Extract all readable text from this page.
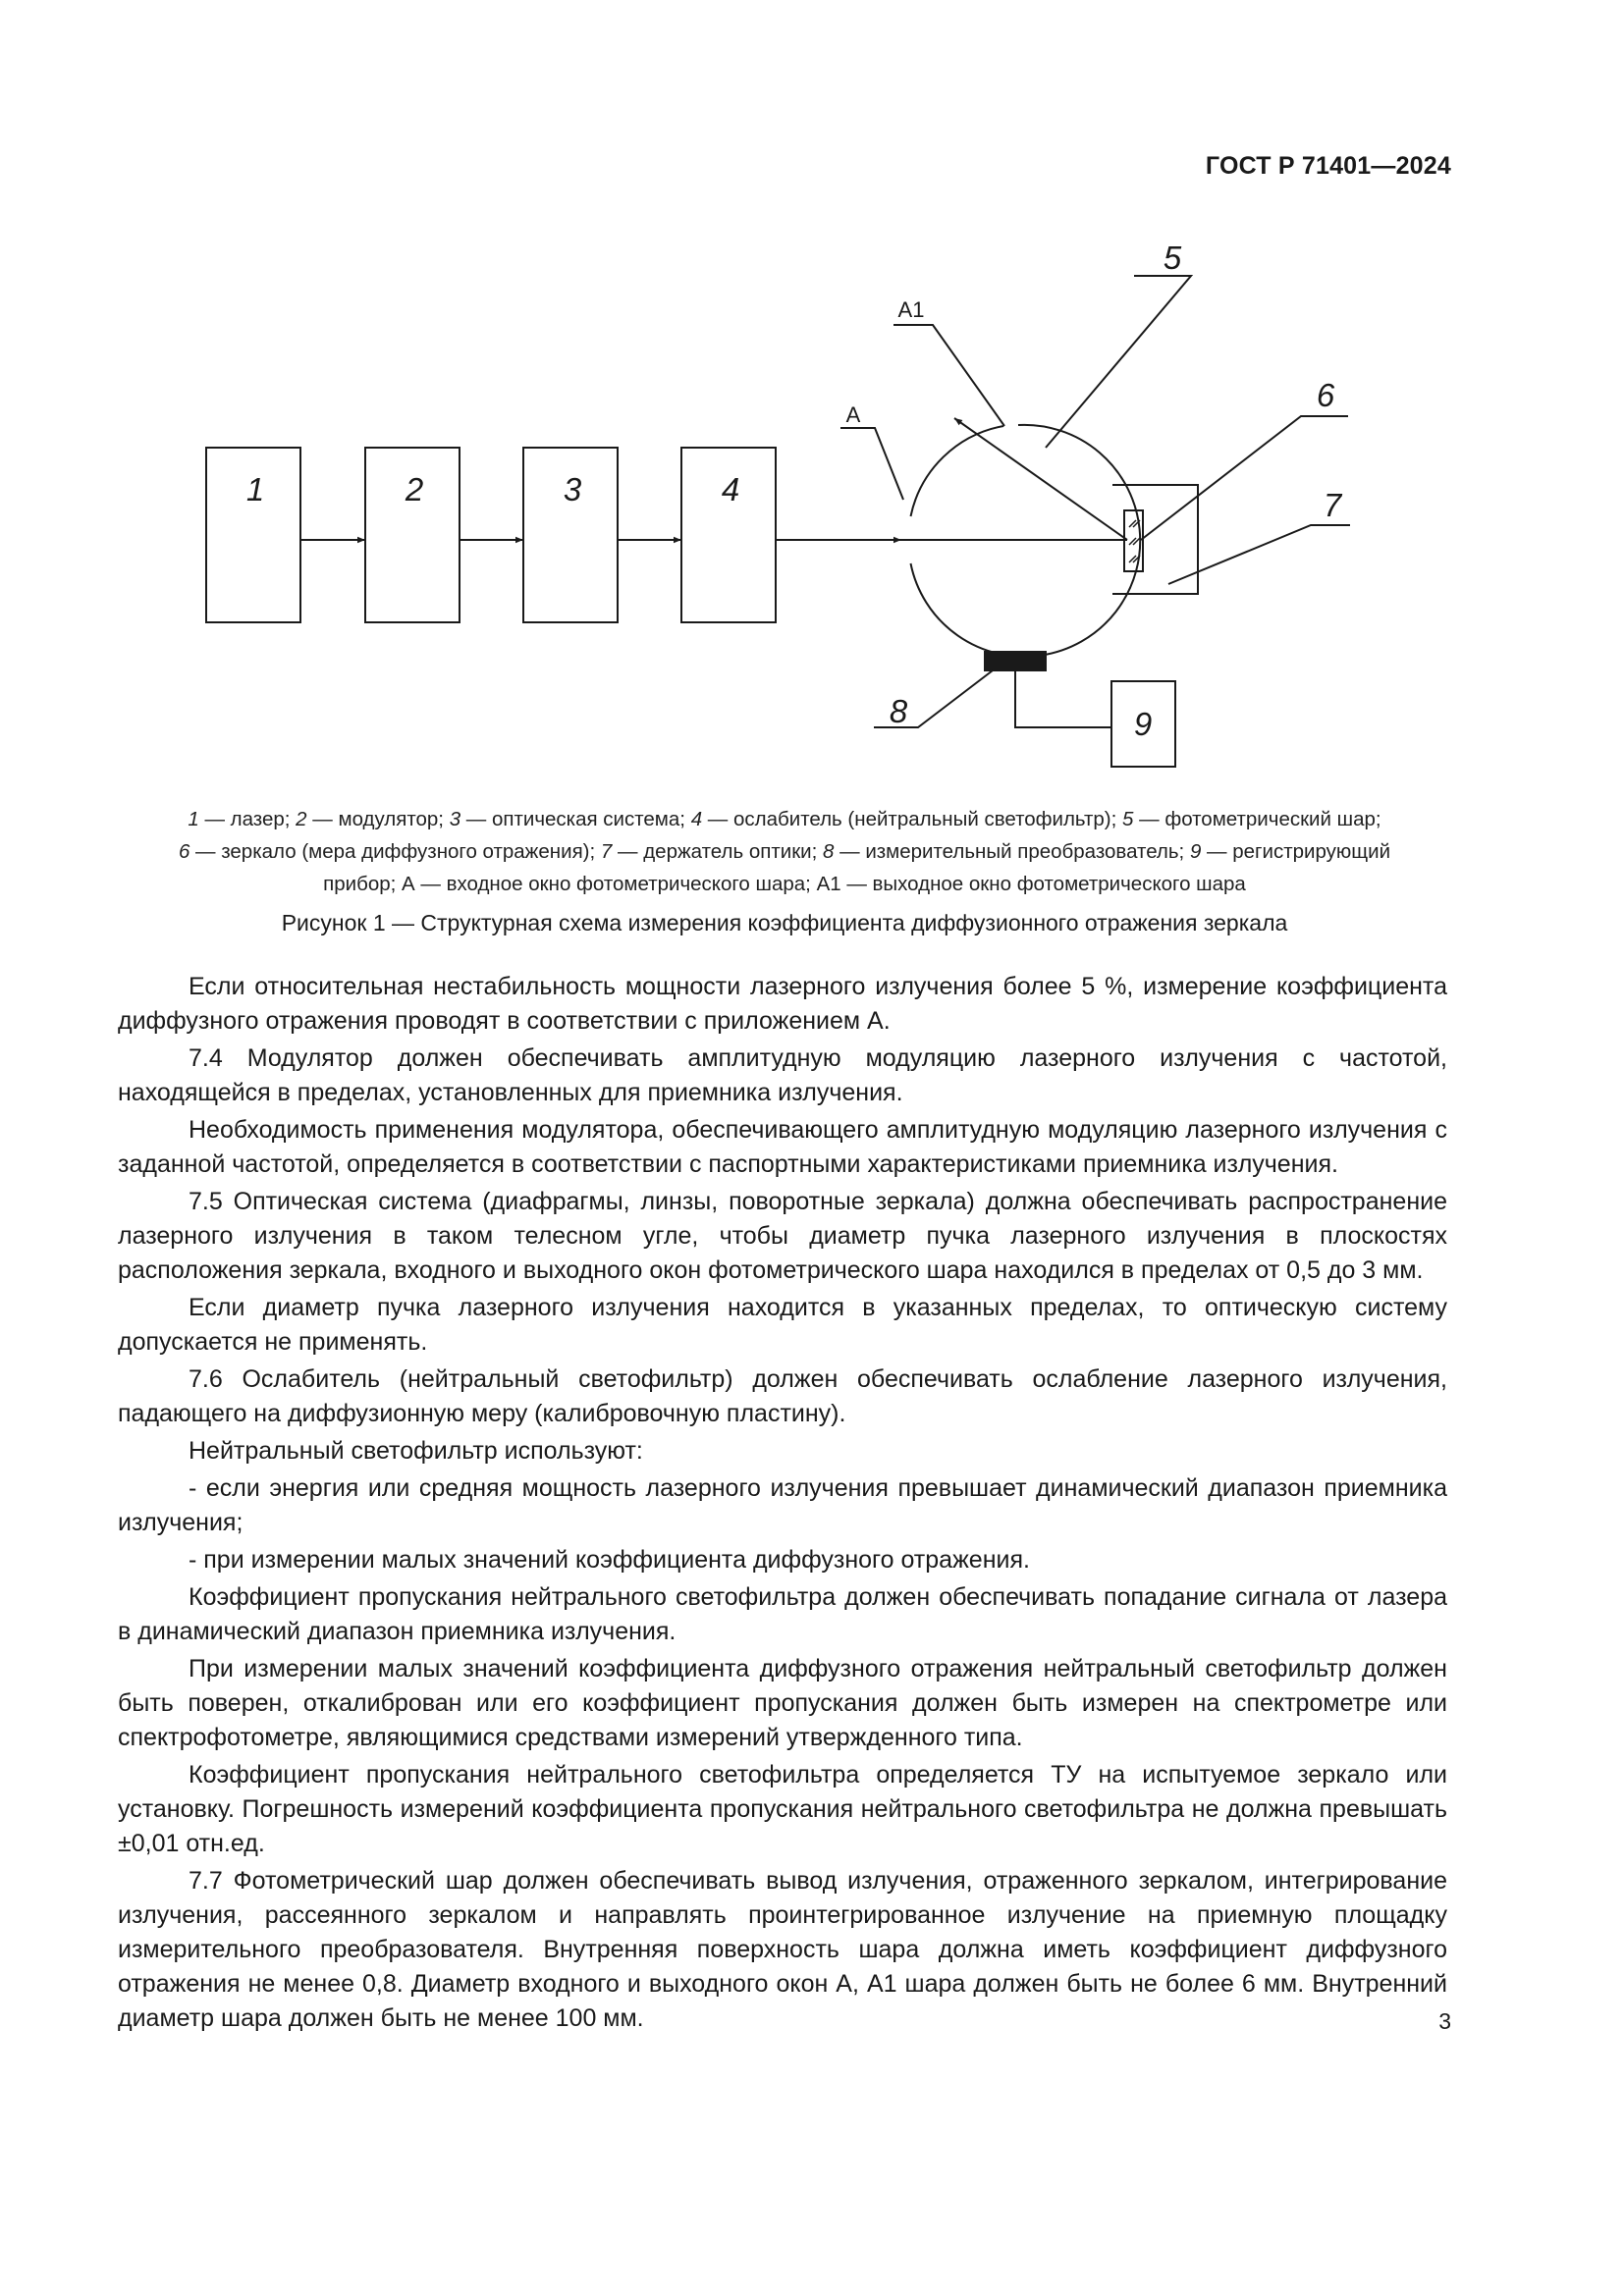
ГОСТ Р 71401—2024
1	2	3	4
5
6
7
8	9
А
А1
1 — лазер; 2 — модулятор; 3 — оптическая система; 4 — ослабитель (нейтральный светофильтр); 5 — фотометрический шар;
6 — зеркало (мера диффузного отражения); 7 — держатель оптики; 8 — измерительный преобразователь; 9 — регистрирующий
прибор; А — входное окно фотометрического шара; А1 — выходное окно фотометрического шара
Рисунок 1 — Структурная схема измерения коэффициента диффузионного отражения зеркала

Если относительная нестабильность мощности лазерного излучения более 5 %, измерение коэффициента диффузного отражения проводят в соответствии с приложением А.

7.4 Модулятор должен обеспечивать амплитудную модуляцию лазерного излучения с частотой, находящейся в пределах, установленных для приемника излучения.

Необходимость применения модулятора, обеспечивающего амплитудную модуляцию лазерного излучения с заданной частотой, определяется в соответствии с паспортными характеристиками приемника излучения.

7.5 Оптическая система (диафрагмы, линзы, поворотные зеркала) должна обеспечивать распространение лазерного излучения в таком телесном угле, чтобы диаметр пучка лазерного излучения в плоскостях расположения зеркала, входного и выходного окон фотометрического шара находился в пределах от 0,5 до 3 мм.

Если диаметр пучка лазерного излучения находится в указанных пределах, то оптическую систему допускается не применять.

7.6 Ослабитель (нейтральный светофильтр) должен обеспечивать ослабление лазерного излучения, падающего на диффузионную меру (калибровочную пластину).

Нейтральный светофильтр используют:

- если энергия или средняя мощность лазерного излучения превышает динамический диапазон приемника излучения;

- при измерении малых значений коэффициента диффузного отражения.

Коэффициент пропускания нейтрального светофильтра должен обеспечивать попадание сигнала от лазера в динамический диапазон приемника излучения.

При измерении малых значений коэффициента диффузного отражения нейтральный светофильтр должен быть поверен, откалиброван или его коэффициент пропускания должен быть измерен на спектрометре или спектрофотометре, являющимися средствами измерений утвержденного типа.

Коэффициент пропускания нейтрального светофильтра определяется ТУ на испытуемое зеркало или установку. Погрешность измерений коэффициента пропускания нейтрального светофильтра не должна превышать ±0,01 отн.ед.

7.7 Фотометрический шар должен обеспечивать вывод излучения, отраженного зеркалом, интегрирование излучения, рассеянного зеркалом и направлять проинтегрированное излучение на приемную площадку измерительного преобразователя. Внутренняя поверхность шара должна иметь коэффициент диффузного отражения не менее 0,8. Диаметр входного и выходного окон А, А1 шара должен быть не более 6 мм. Внутренний диаметр шара должен быть не менее 100 мм.	3
